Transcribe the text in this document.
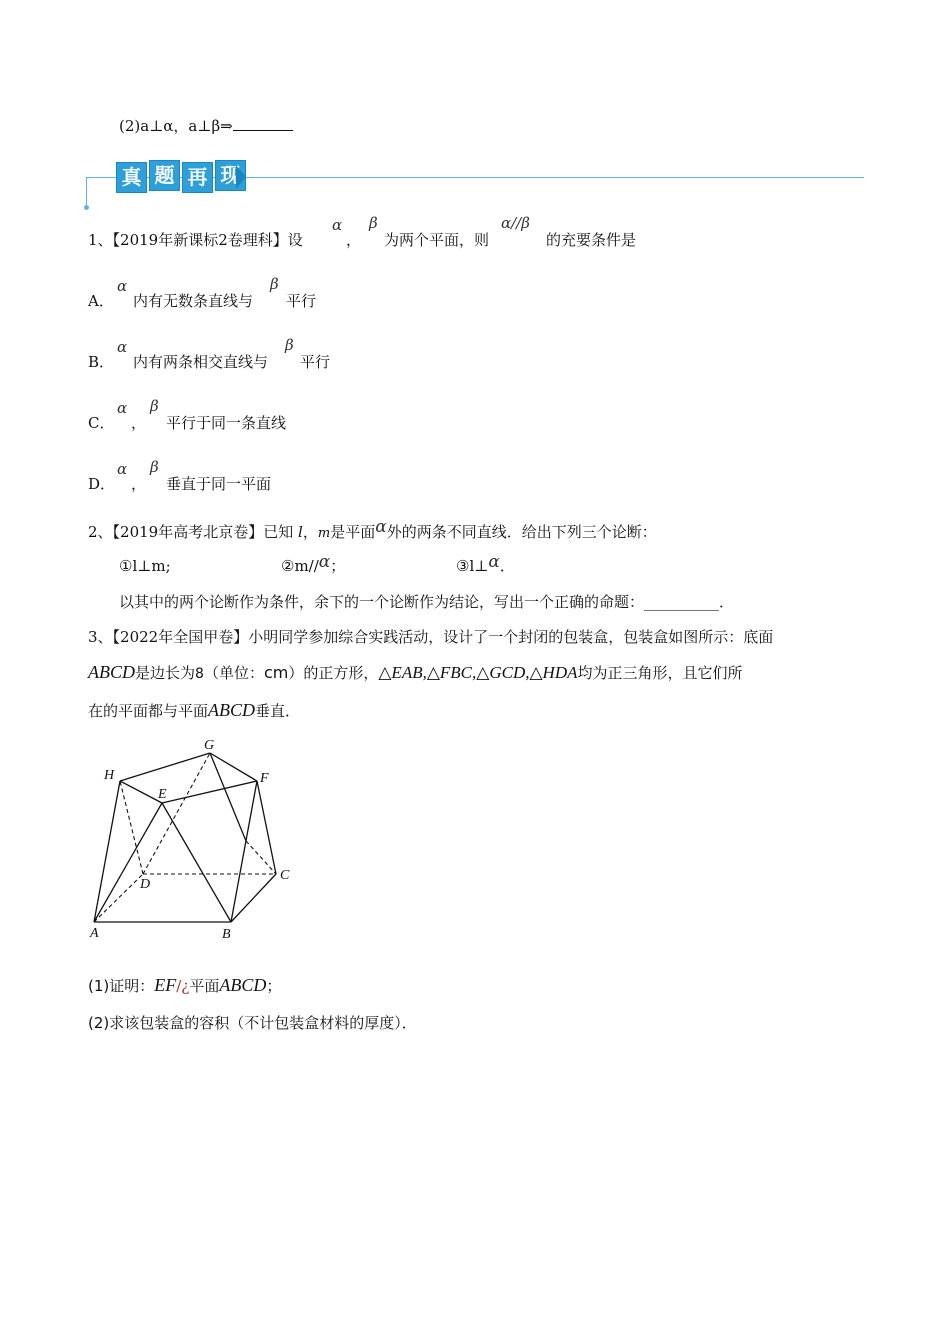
(2)a⊥α，a⊥β⇒
真 题 再 现
1、【2019年新课标2卷理科】设
α
，
β
为两个平面，则
α//β
的充要条件是
A．
α
内有无数条直线与
β
平行
B．
α
内有两条相交直线与
β
平行
C．
α
，
β
平行于同一条直线
D．
α
，
β
垂直于同一平面
2、【2019年高考北京卷】已知 l，m是平面α外的两条不同直线．给出下列三个论断：
①l⊥m;	②m//α；	③l⊥α．
以其中的两个论断作为条件，余下的一个论断作为结论，写出一个正确的命题：__________．
3、【2022年全国甲卷】小明同学参加综合实践活动，设计了一个封闭的包装盒，包装盒如图所示：底面
ABCD是边长为8（单位：cm）的正方形，△EAB,△FBC,△GCD,△HDA均为正三角形，且它们所
在的平面都与平面ABCD垂直．
G
H	F
E
D
C
A	B
(1)证明：EF/¿平面ABCD；
(2)求该包装盒的容积（不计包装盒材料的厚度）．
